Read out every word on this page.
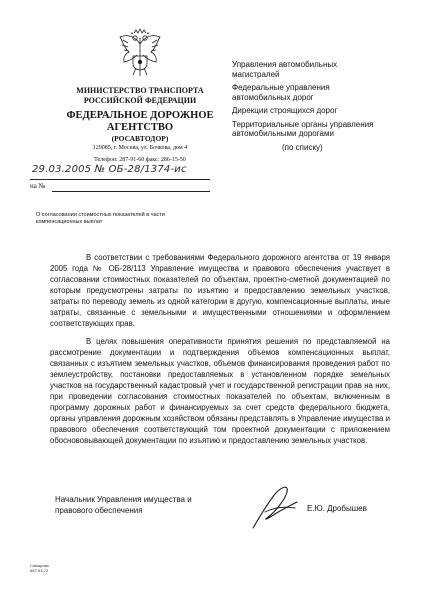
МИНИСТЕРСТВО ТРАНСПОРТА РОССИЙСКОЙ ФЕДЕРАЦИИ
ФЕДЕРАЛЬНОЕ ДОРОЖНОЕ АГЕНТСТВО
(РОСАВТОДОР)
129085, г. Москва, ул. Бочкова, дом 4
Телефон: 287-91-60 факс: 286-15-50
29.03.2005 № ОБ-28/1374-ис
на №
О согласовании стоимостных показателей в части компенсационных выплат
Управления автомобильных магистралей
Федеральные управления автомобильных дорог
Дирекции строящихся дорог
Территориальные органы управления автомобильными дорогами
(по списку)
В соответствии с требованиями Федерального дорожного агентства от 19 января 2005 года № ОБ-28/113 Управление имущества и правового обеспечения участвует в согласовании стоимостных показателей по объектам, проектно-сметной документацией по которым предусмотрены затраты по изъятию и предоставлению земельных участков, затраты по переводу земель из одной категории в другую, компенсационные выплаты, иные затраты, связанные с земельными и имущественными отношениями и оформлением соответствующих прав.
В целях повышения оперативности принятия решения по представляемой на рассмотрение документации и подтверждения объемов компенсационных выплат, связанных с изъятием земельных участков, объемов финансирования проведения работ по землеустройству, постановки предоставляемых в установленном порядке земельных участков на государственный кадастровый учет и государственной регистрации прав на них, при проведении согласования стоимостных показателей по объектам, включенным в программу дорожных работ и финансируемых за счет средств федерального бюджета, органы управления дорожным хозяйством обязаны представлять в Управление имущества и правового обеспечения соответствующий том проектной документации с приложением обоснововывающей документации по изъятию и предоставлению земельных участков.
Начальник Управления имущества и правового обеспечения	Е.Ю. Дробышев
Самарово
687-93-72
